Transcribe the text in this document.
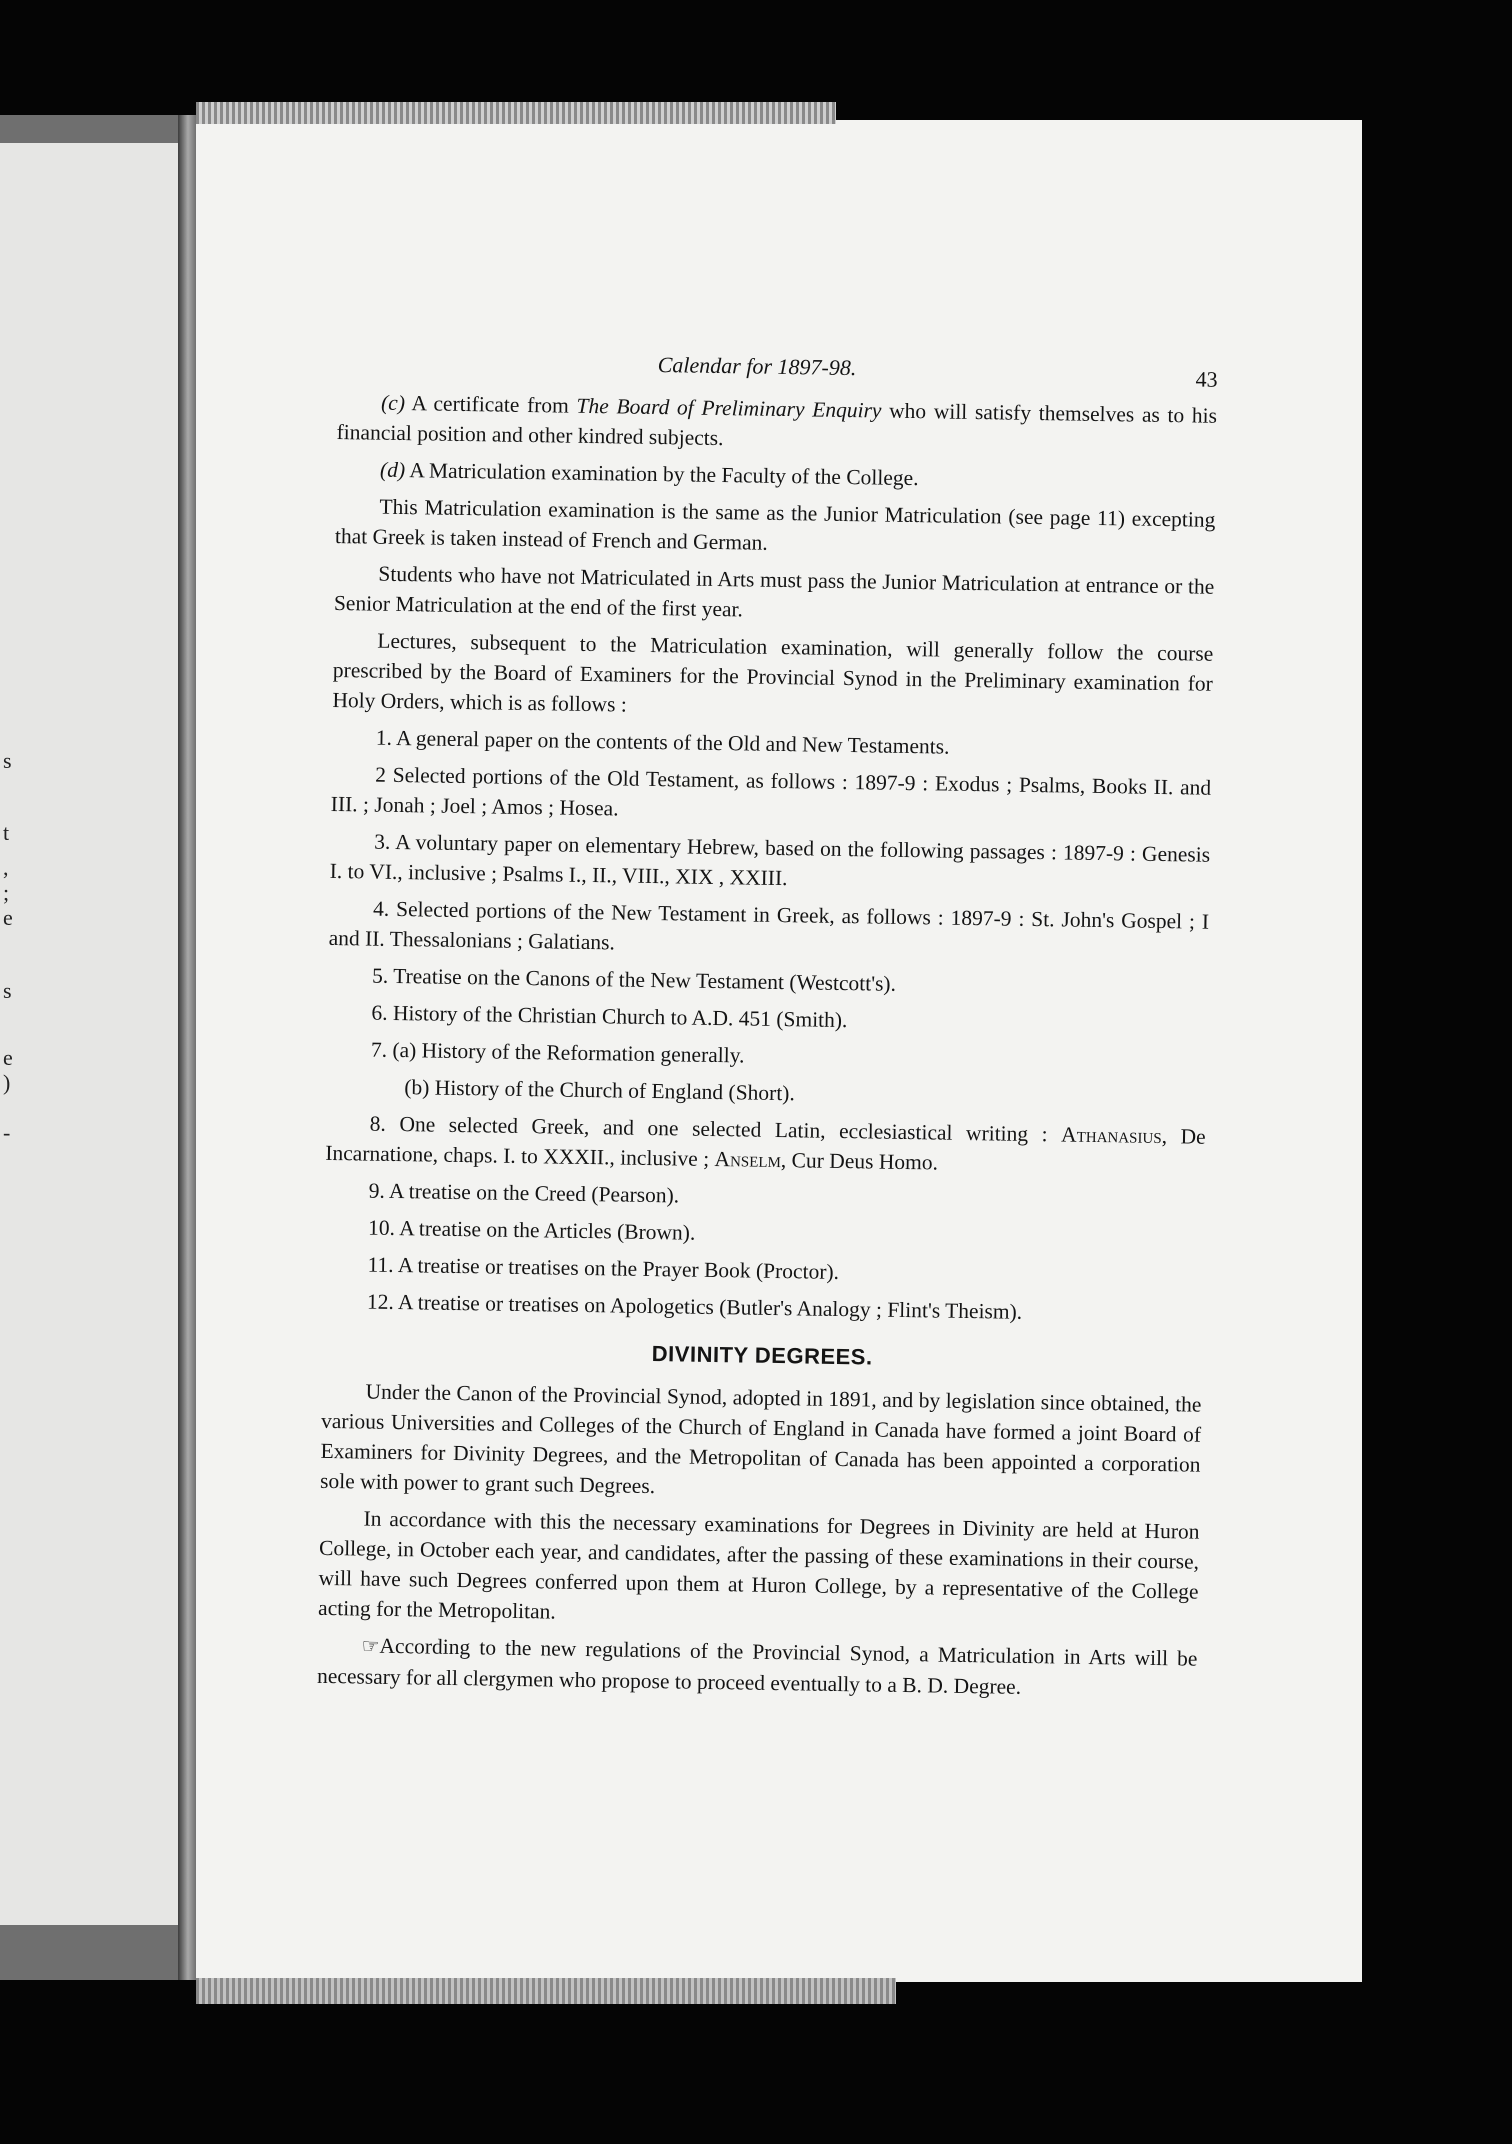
s
t
,
;
e
s
e
)
-
Calendar for 1897-98.	43

(c) A certificate from The Board of Preliminary Enquiry who will satisfy themselves as to his financial position and other kindred subjects.

(d) A Matriculation examination by the Faculty of the College.

This Matriculation examination is the same as the Junior Matriculation (see page 11) excepting that Greek is taken instead of French and German.

Students who have not Matriculated in Arts must pass the Junior Matriculation at entrance or the Senior Matriculation at the end of the first year.

Lectures, subsequent to the Matriculation examination, will generally follow the course prescribed by the Board of Examiners for the Provincial Synod in the Preliminary examination for Holy Orders, which is as follows :

1. A general paper on the contents of the Old and New Testaments.

2 Selected portions of the Old Testament, as follows : 1897-9 : Exodus ; Psalms, Books II. and III. ; Jonah ; Joel ; Amos ; Hosea.

3. A voluntary paper on elementary Hebrew, based on the following passages : 1897-9 : Genesis I. to VI., inclusive ; Psalms I., II., VIII., XIX , XXIII.

4. Selected portions of the New Testament in Greek, as follows : 1897-9 : St. John's Gospel ; I and II. Thessalonians ; Galatians.

5. Treatise on the Canons of the New Testament (Westcott's).

6. History of the Christian Church to A.D. 451 (Smith).

7. (a) History of the Reformation generally.

(b) History of the Church of England (Short).

8. One selected Greek, and one selected Latin, ecclesiastical writing : Athanasius, De Incarnatione, chaps. I. to XXXII., inclusive ; Anselm, Cur Deus Homo.

9. A treatise on the Creed (Pearson).

10. A treatise on the Articles (Brown).

11. A treatise or treatises on the Prayer Book (Proctor).

12. A treatise or treatises on Apologetics (Butler's Analogy ; Flint's Theism).

DIVINITY DEGREES.

Under the Canon of the Provincial Synod, adopted in 1891, and by legislation since obtained, the various Universities and Colleges of the Church of England in Canada have formed a joint Board of Examiners for Divinity Degrees, and the Metropolitan of Canada has been appointed a corporation sole with power to grant such Degrees.

In accordance with this the necessary examinations for Degrees in Divinity are held at Huron College, in October each year, and candidates, after the passing of these examinations in their course, will have such Degrees conferred upon them at Huron College, by a representative of the College acting for the Metropolitan.

☞According to the new regulations of the Provincial Synod, a Matriculation in Arts will be necessary for all clergymen who propose to proceed eventually to a B. D. Degree.
